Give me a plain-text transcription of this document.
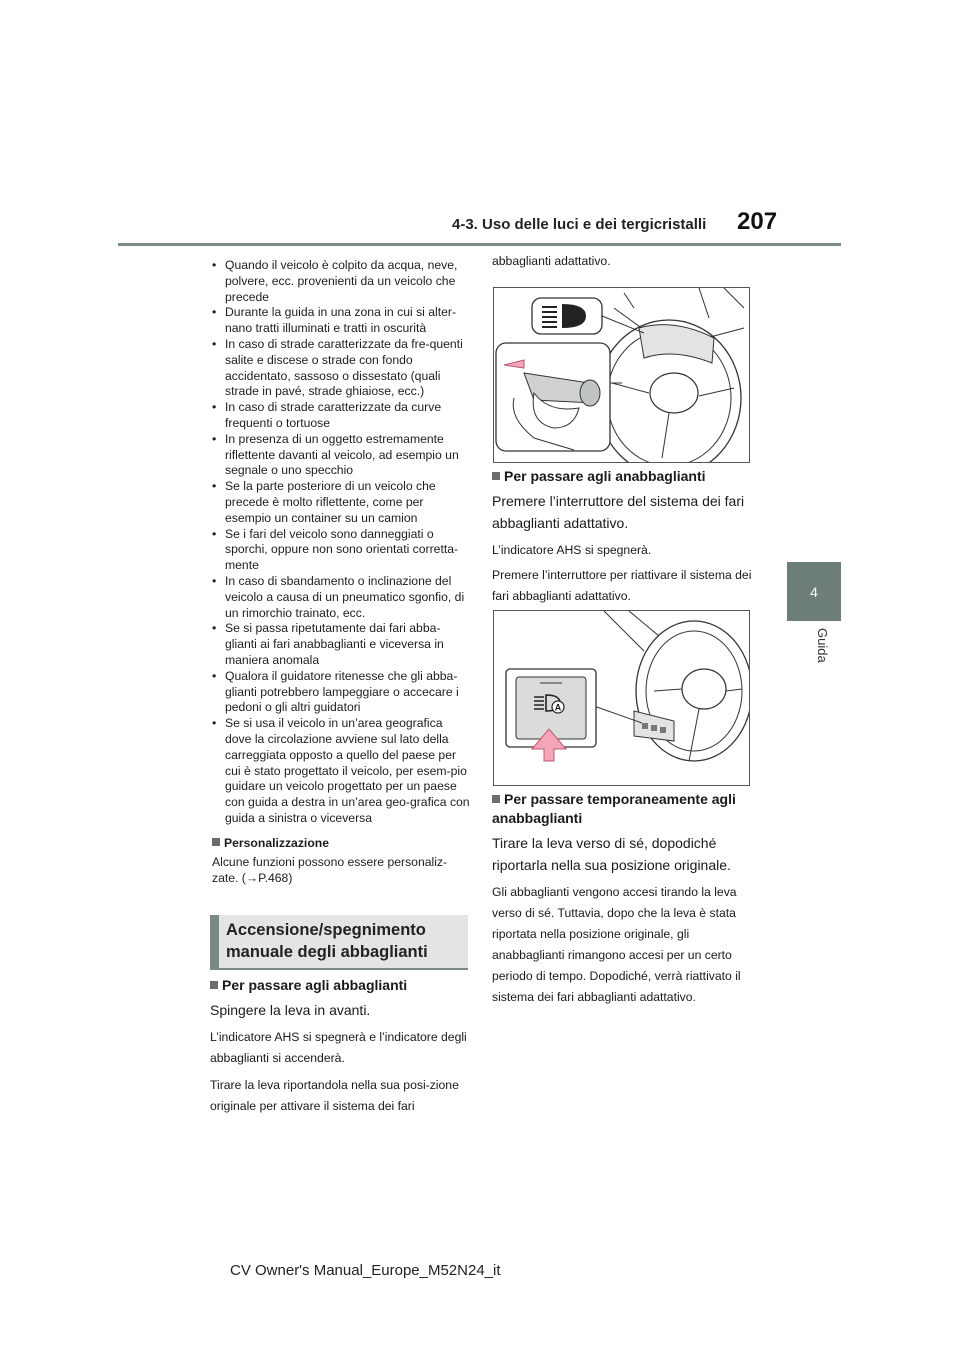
4-3. Uso delle luci e dei tergicristalli 207
4
Guida
• Quando il veicolo è colpito da acqua, neve, polvere, ecc. provenienti da un veicolo che precede
• Durante la guida in una zona in cui si alter-nano tratti illuminati e tratti in oscurità
• In caso di strade caratterizzate da fre-quenti salite e discese o strade con fondo accidentato, sassoso o dissestato (quali strade in pavé, strade ghiaiose, ecc.)
• In caso di strade caratterizzate da curve frequenti o tortuose
• In presenza di un oggetto estremamente riflettente davanti al veicolo, ad esempio un segnale o uno specchio
• Se la parte posteriore di un veicolo che precede è molto riflettente, come per esempio un container su un camion
• Se i fari del veicolo sono danneggiati o sporchi, oppure non sono orientati corretta-mente
• In caso di sbandamento o inclinazione del veicolo a causa di un pneumatico sgonfio, di un rimorchio trainato, ecc.
• Se si passa ripetutamente dai fari abba-glianti ai fari anabbaglianti e viceversa in maniera anomala
• Qualora il guidatore ritenesse che gli abba-glianti potrebbero lampeggiare o accecare i pedoni o gli altri guidatori
• Se si usa il veicolo in un’area geografica dove la circolazione avviene sul lato della carreggiata opposto a quello del paese per cui è stato progettato il veicolo, per esem-pio guidare un veicolo progettato per un paese con guida a destra in un’area geo-grafica con guida a sinistra o viceversa
Personalizzazione
Alcune funzioni possono essere personaliz-zate. (→P.468)
Accensione/spegnimento manuale degli abbaglianti
Per passare agli abbaglianti
Spingere la leva in avanti.
L’indicatore AHS si spegnerà e l’indicatore degli abbaglianti si accenderà.
Tirare la leva riportandola nella sua posi-zione originale per attivare il sistema dei fari
abbaglianti adattativo.
Per passare agli anabbaglianti
Premere l’interruttore del sistema dei fari abbaglianti adattativo.
L’indicatore AHS si spegnerà.
Premere l’interruttore per riattivare il sistema dei fari abbaglianti adattativo.
A
Per passare temporaneamente agli anabbaglianti
Tirare la leva verso di sé, dopodiché riportarla nella sua posizione originale.
Gli abbaglianti vengono accesi tirando la leva verso di sé. Tuttavia, dopo che la leva è stata riportata nella posizione originale, gli anabbaglianti rimangono accesi per un certo periodo di tempo. Dopodiché, verrà riattivato il sistema dei fari abbaglianti adattativo.
CV Owner's Manual_Europe_M52N24_it
